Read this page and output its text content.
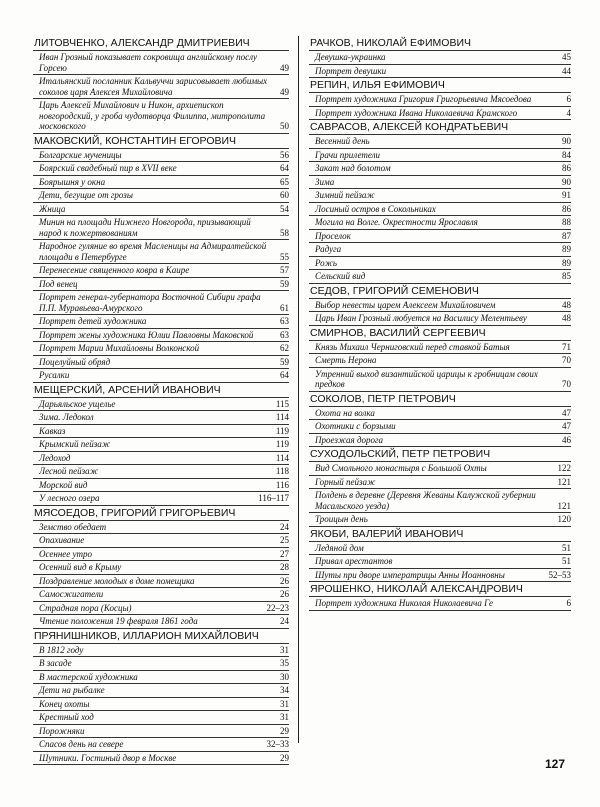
ЛИТОВЧЕНКО, АЛЕКСАНДР ДМИТРИЕВИЧ
Иван Грозный показывает сокровища английскому послу Горсею	49
Итальянский посланник Кальвуччи зарисовывает любимых соколов царя Алексея Михайловича	49
Царь Алексей Михайлович и Никон, архиепископ новгородский, у гроба чудотворца Филиппа, митрополита московского	50
МАКОВСКИЙ, КОНСТАНТИН ЕГОРОВИЧ
Болгарские мученицы	56
Боярский свадебный пир в XVII веке	64
Боярышня у окна	65
Дети, бегущие от грозы	60
Жница	54
Минин на площади Нижнего Новгорода, призывающий народ к пожертвованиям	58
Народное гуляние во время Масленицы на Адмиралтейской площади в Петербурге	55
Перенесение священного ковра в Каире	57
Под венец	59
Портрет генерал-губернатора Восточной Сибири графа П.П. Муравьева-Амурского	61
Портрет детей художника	63
Портрет жены художника Юлии Павловны Маковской	63
Портрет Марии Михайловны Волконской	62
Поцелуйный обряд	59
Русалки	64
МЕЩЕРСКИЙ, АРСЕНИЙ ИВАНОВИЧ
Дарьяльское ущелье	115
Зима. Ледокол	114
Кавказ	119
Крымский пейзаж	119
Ледоход	114
Лесной пейзаж	118
Морской вид	116
У лесного озера	116–117
МЯСОЕДОВ, ГРИГОРИЙ ГРИГОРЬЕВИЧ
Земство обедает	24
Опахивание	25
Осеннее утро	27
Осенний вид в Крыму	28
Поздравление молодых в доме помещика	26
Самосжигатели	26
Страдная пора (Косцы)	22–23
Чтение положения 19 февраля 1861 года	24
ПРЯНИШНИКОВ, ИЛЛАРИОН МИХАЙЛОВИЧ
В 1812 году	31
В засаде	35
В мастерской художника	30
Дети на рыбалке	34
Конец охоты	31
Крестный ход	31
Порожняки	29
Спасов день на севере	32–33
Шутники. Гостиный двор в Москве	29
РАЧКОВ, НИКОЛАЙ ЕФИМОВИЧ
Девушка-украинка	45
Портрет девушки	44
РЕПИН, ИЛЬЯ ЕФИМОВИЧ
Портрет художника Григория Григорьевича Мясоедова	6
Портрет художника Ивана Николаевича Крамского	4
САВРАСОВ, АЛЕКСЕЙ КОНДРАТЬЕВИЧ
Весенний день	90
Грачи прилетели	84
Закат над болотом	86
Зима	90
Зимний пейзаж	91
Лосиный остров в Сокольниках	86
Могила на Волге. Окрестности Ярославля	88
Проселок	87
Радуга	89
Рожь	89
Сельский вид	85
СЕДОВ, ГРИГОРИЙ СЕМЕНОВИЧ
Выбор невесты царем Алексеем Михайловичем	48
Царь Иван Грозный любуется на Василису Мелентьеву	48
СМИРНОВ, ВАСИЛИЙ СЕРГЕЕВИЧ
Князь Михаил Черниговский перед ставкой Батыя	71
Смерть Нерона	70
Утренний выход византийской царицы к гробницам своих предков	70
СОКОЛОВ, ПЕТР ПЕТРОВИЧ
Охота на волка	47
Охотники с борзыми	47
Проезжая дорога	46
СУХОДОЛЬСКИЙ, ПЕТР ПЕТРОВИЧ
Вид Смольного монастыря с Большой Охты	122
Горный пейзаж	121
Полдень в деревне (Деревня Жеваны Калужской губернии Масальского уезда)	121
Троицын день	120
ЯКОБИ, ВАЛЕРИЙ ИВАНОВИЧ
Ледяной дом	51
Привал арестантов	51
Шуты при дворе императрицы Анны Иоанновны	52–53
ЯРОШЕНКО, НИКОЛАЙ АЛЕКСАНДРОВИЧ
Портрет художника Николая Николаевича Ге	6
127
